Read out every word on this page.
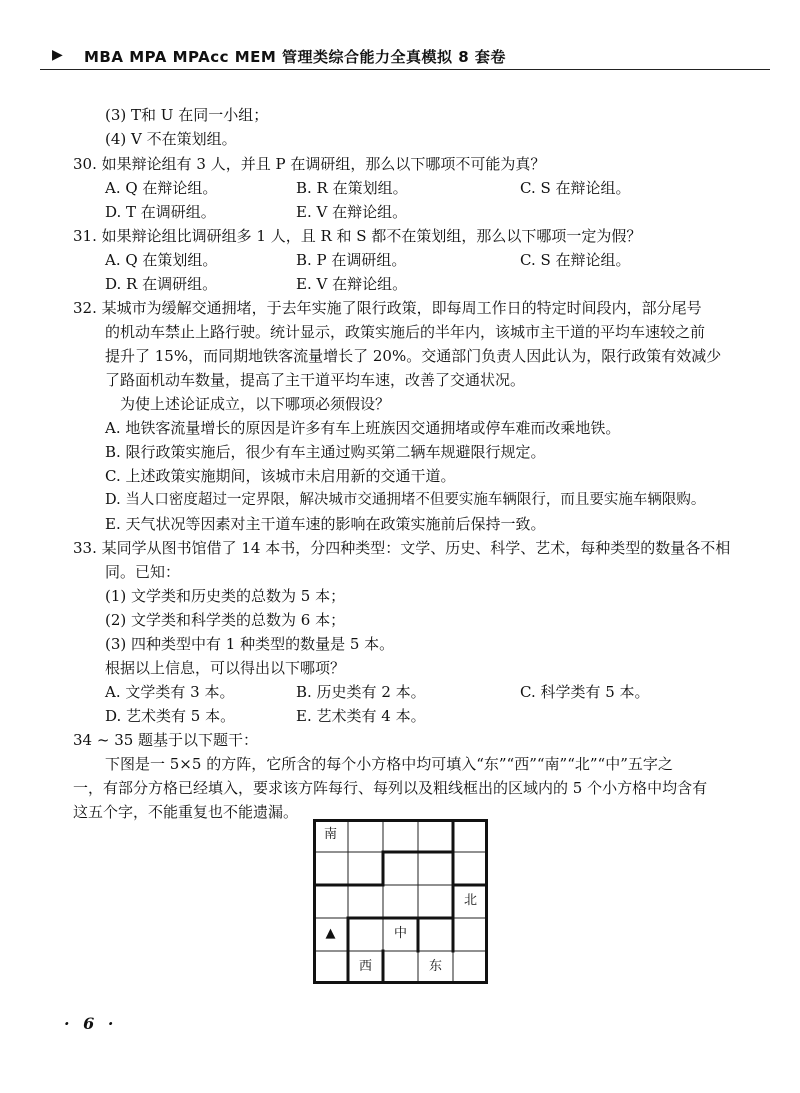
▶ MBA MPA MPAcc MEM 管理类综合能力全真模拟 8 套卷
(3) T和 U 在同一小组；
(4) V 不在策划组。
30. 如果辩论组有 3 人，并且 P 在调研组，那么以下哪项不可能为真？
A. Q 在辩论组。	B. R 在策划组。	C. S 在辩论组。
D. T 在调研组。	E. V 在辩论组。
31. 如果辩论组比调研组多 1 人，且 R 和 S 都不在策划组，那么以下哪项一定为假？
A. Q 在策划组。	B. P 在调研组。	C. S 在辩论组。
D. R 在调研组。	E. V 在辩论组。
32. 某城市为缓解交通拥堵，于去年实施了限行政策，即每周工作日的特定时间段内，部分尾号
的机动车禁止上路行驶。统计显示，政策实施后的半年内，该城市主干道的平均车速较之前
提升了 15%，而同期地铁客流量增长了 20%。交通部门负责人因此认为，限行政策有效减少
了路面机动车数量，提高了主干道平均车速，改善了交通状况。
为使上述论证成立，以下哪项必须假设？
A. 地铁客流量增长的原因是许多有车上班族因交通拥堵或停车难而改乘地铁。
B. 限行政策实施后，很少有车主通过购买第二辆车规避限行规定。
C. 上述政策实施期间，该城市未启用新的交通干道。
D. 当人口密度超过一定界限，解决城市交通拥堵不但要实施车辆限行，而且要实施车辆限购。
E. 天气状况等因素对主干道车速的影响在政策实施前后保持一致。
33. 某同学从图书馆借了 14 本书，分四种类型：文学、历史、科学、艺术，每种类型的数量各不相
同。已知：
(1) 文学类和历史类的总数为 5 本；
(2) 文学类和科学类的总数为 6 本；
(3) 四种类型中有 1 种类型的数量是 5 本。
根据以上信息，可以得出以下哪项？
A. 文学类有 3 本。	B. 历史类有 2 本。	C. 科学类有 5 本。
D. 艺术类有 5 本。	E. 艺术类有 4 本。
34 ~ 35 题基于以下题干：
下图是一 5×5 的方阵，它所含的每个小方格中均可填入“东”“西”“南”“北”“中”五字之
一，有部分方格已经填入，要求该方阵每行、每列以及粗线框出的区域内的 5 个小方格中均含有
这五个字，不能重复也不能遗漏。
南
北
▲	中
西	东
· 6 ·
